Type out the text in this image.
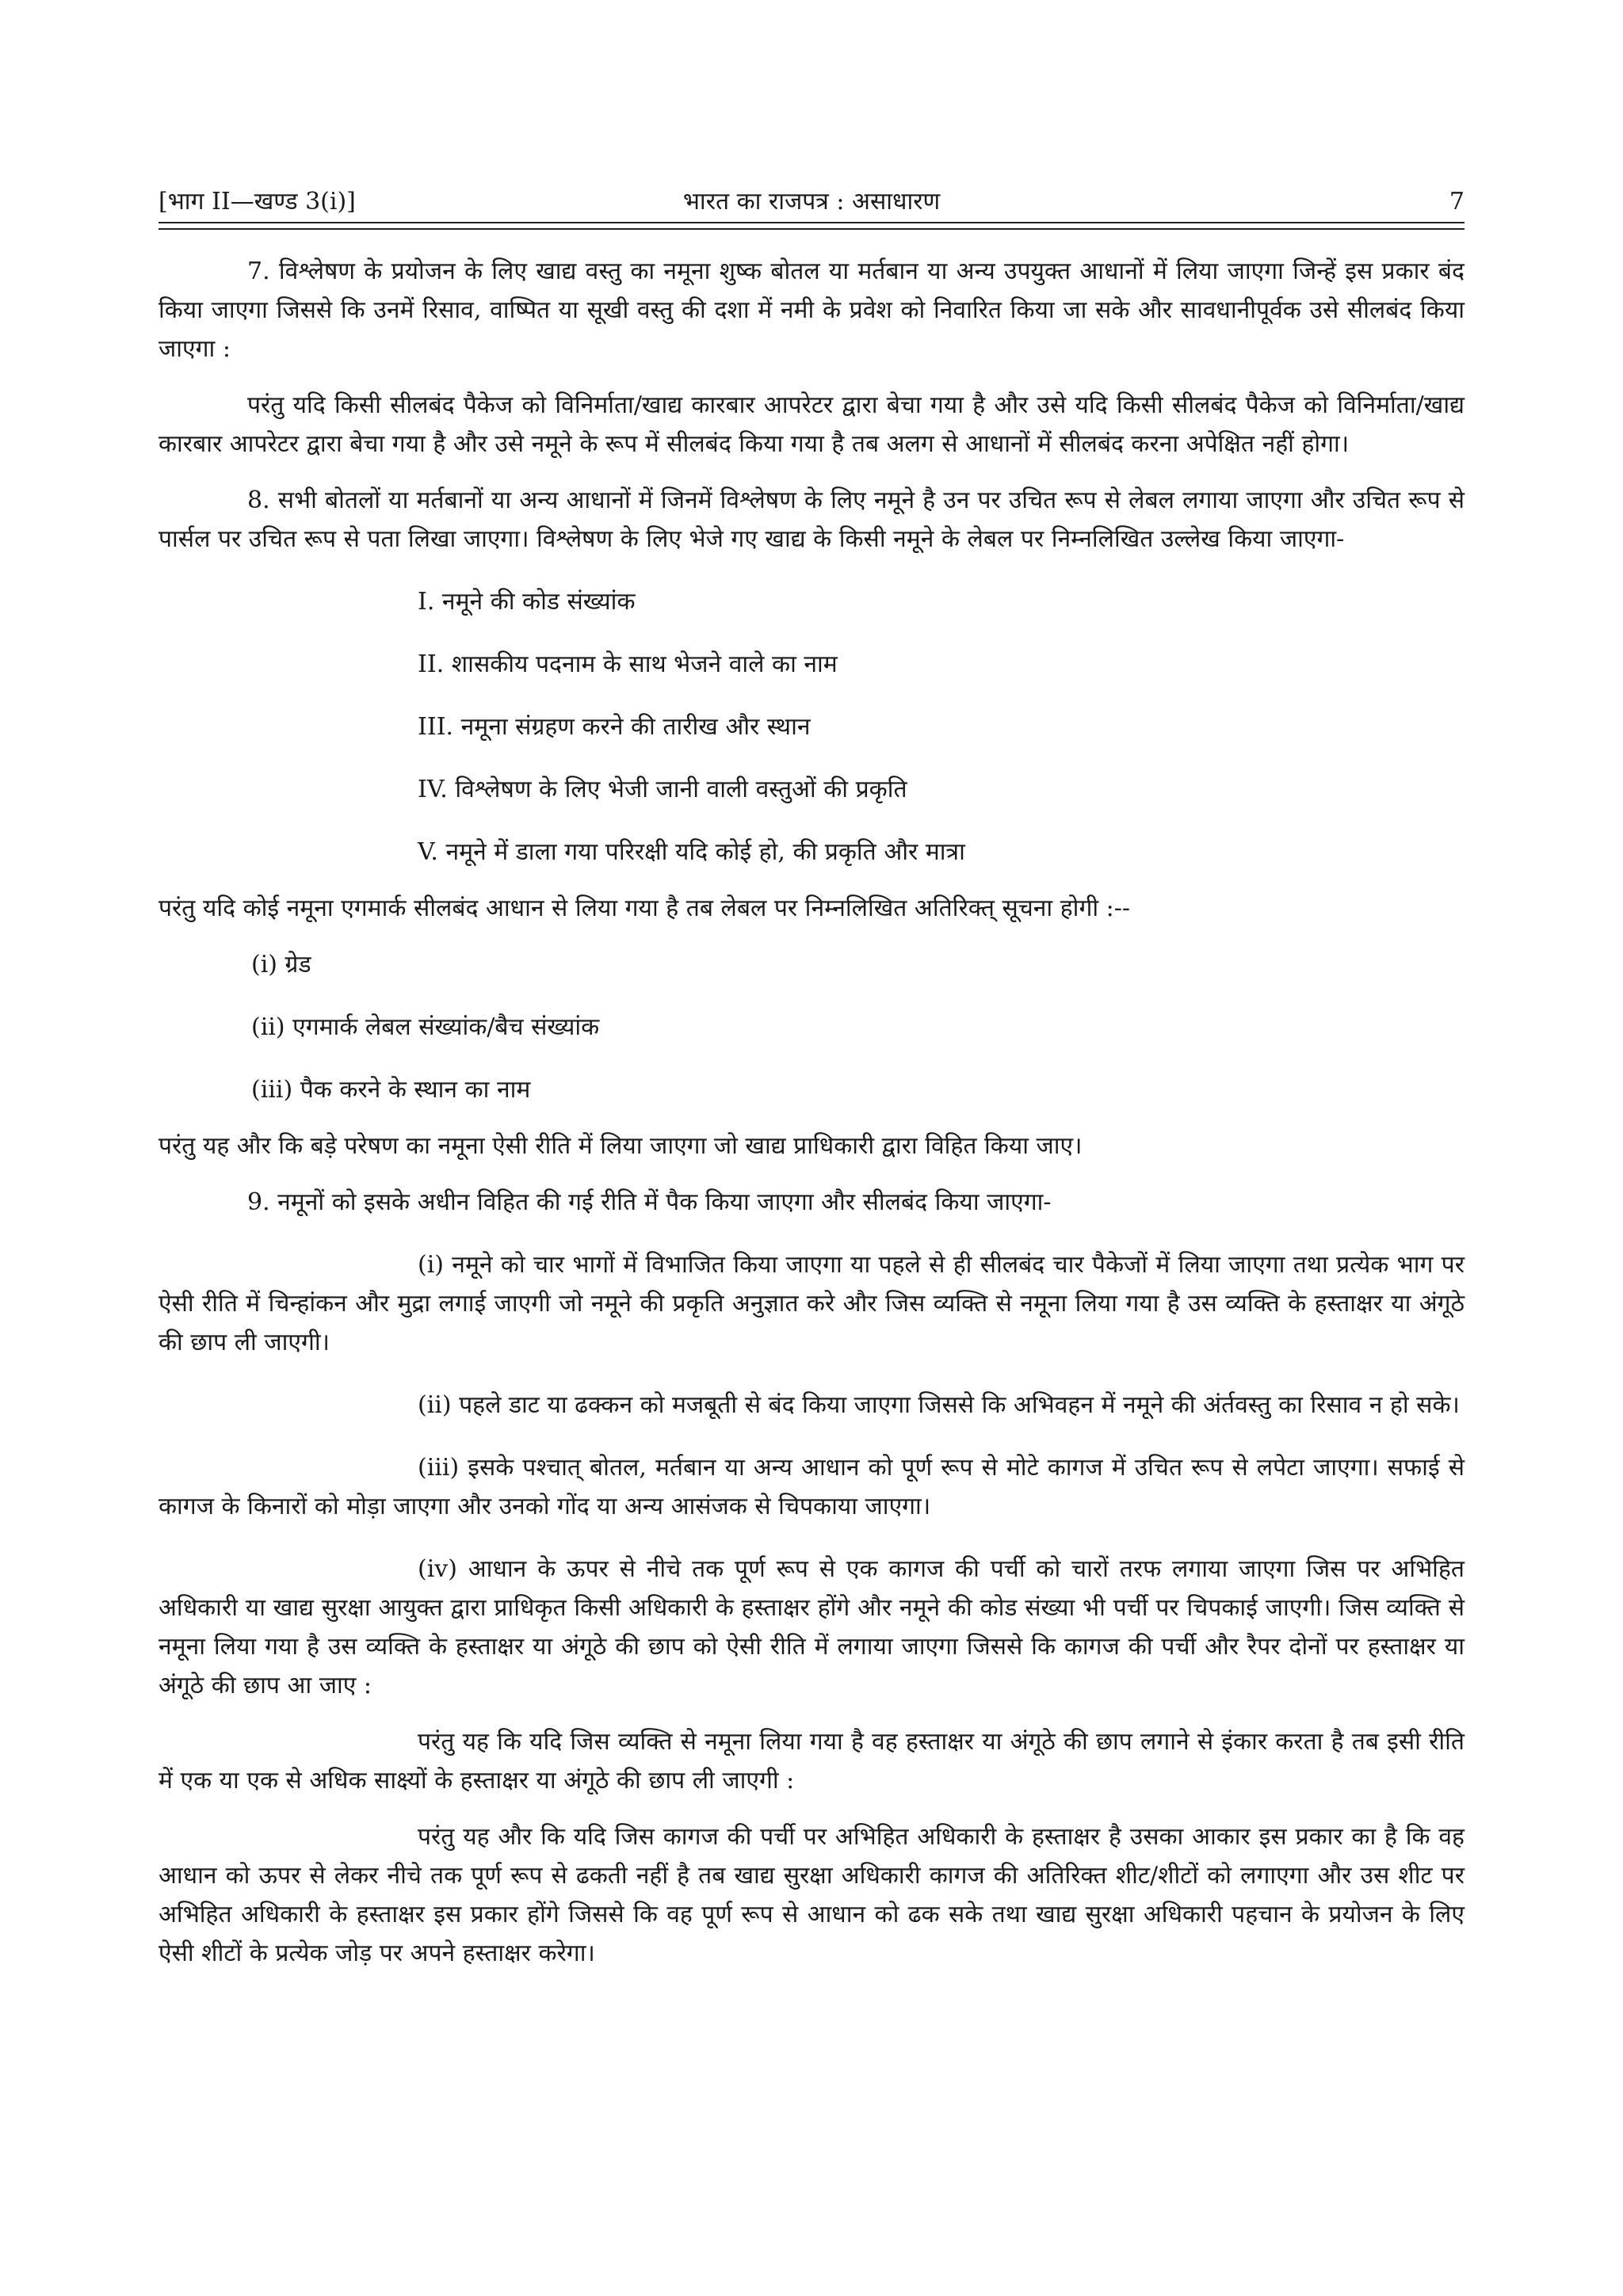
भारत का राजपत्र : असाधारण
[भाग II—खण्ड 3(i)]	7

7. विश्लेषण के प्रयोजन के लिए खाद्य वस्तु का नमूना शुष्क बोतल या मर्तबान या अन्य उपयुक्त आधानों में लिया जाएगा जिन्हें इस प्रकार बंद किया जाएगा जिससे कि उनमें रिसाव, वाष्पित या सूखी वस्तु की दशा में नमी के प्रवेश को निवारित किया जा सके और सावधानीपूर्वक उसे सीलबंद किया जाएगा :

परंतु यदि किसी सीलबंद पैकेज को विनिर्माता/खाद्य कारबार आपरेटर द्वारा बेचा गया है और उसे यदि किसी सीलबंद पैकेज को विनिर्माता/खाद्य कारबार आपरेटर द्वारा बेचा गया है और उसे नमूने के रूप में सीलबंद किया गया है तब अलग से आधानों में सीलबंद करना अपेक्षित नहीं होगा।

8. सभी बोतलों या मर्तबानों या अन्य आधानों में जिनमें विश्लेषण के लिए नमूने है उन पर उचित रूप से लेबल लगाया जाएगा और उचित रूप से पार्सल पर उचित रूप से पता लिखा जाएगा। विश्लेषण के लिए भेजे गए खाद्य के किसी नमूने के लेबल पर निम्नलिखित उल्लेख किया जाएगा-

I. नमूने की कोड संख्यांक

II. शासकीय पदनाम के साथ भेजने वाले का नाम

III. नमूना संग्रहण करने की तारीख और स्थान

IV. विश्लेषण के लिए भेजी जानी वाली वस्तुओं की प्रकृति

V. नमूने में डाला गया परिरक्षी यदि कोई हो, की प्रकृति और मात्रा

परंतु यदि कोई नमूना एगमार्क सीलबंद आधान से लिया गया है तब लेबल पर निम्नलिखित अतिरिक्त् सूचना होगी :--

(i) ग्रेड

(ii) एगमार्क लेबल संख्यांक/बैच संख्यांक

(iii) पैक करने के स्थान का नाम

परंतु यह और कि बड़े परेषण का नमूना ऐसी रीति में लिया जाएगा जो खाद्य प्राधिकारी द्वारा विहित किया जाए।

9. नमूनों को इसके अधीन विहित की गई रीति में पैक किया जाएगा और सीलबंद किया जाएगा-

(i) नमूने को चार भागों में विभाजित किया जाएगा या पहले से ही सीलबंद चार पैकेजों में लिया जाएगा तथा प्रत्येक भाग पर ऐसी रीति में चिन्हांकन और मुद्रा लगाई जाएगी जो नमूने की प्रकृति अनुज्ञात करे और जिस व्यक्ति से नमूना लिया गया है उस व्यक्ति के हस्ताक्षर या अंगूठे की छाप ली जाएगी।

(ii) पहले डाट या ढक्कन को मजबूती से बंद किया जाएगा जिससे कि अभिवहन में नमूने की अंर्तवस्तु का रिसाव न हो सके।

(iii) इसके पश्चात् बोतल, मर्तबान या अन्य आधान को पूर्ण रूप से मोटे कागज में उचित रूप से लपेटा जाएगा। सफाई से कागज के किनारों को मोड़ा जाएगा और उनको गोंद या अन्य आसंजक से चिपकाया जाएगा।

(iv) आधान के ऊपर से नीचे तक पूर्ण रूप से एक कागज की पर्ची को चारों तरफ लगाया जाएगा जिस पर अभिहित अधिकारी या खाद्य सुरक्षा आयुक्त द्वारा प्राधिकृत किसी अधिकारी के हस्ताक्षर होंगे और नमूने की कोड संख्या भी पर्ची पर चिपकाई जाएगी। जिस व्यक्ति से नमूना लिया गया है उस व्यक्ति के हस्ताक्षर या अंगूठे की छाप को ऐसी रीति में लगाया जाएगा जिससे कि कागज की पर्ची और रैपर दोनों पर हस्ताक्षर या अंगूठे की छाप आ जाए :

परंतु यह कि यदि जिस व्यक्ति से नमूना लिया गया है वह हस्ताक्षर या अंगूठे की छाप लगाने से इंकार करता है तब इसी रीति में एक या एक से अधिक साक्ष्यों के हस्ताक्षर या अंगूठे की छाप ली जाएगी :

परंतु यह और कि यदि जिस कागज की पर्ची पर अभिहित अधिकारी के हस्ताक्षर है उसका आकार इस प्रकार का है कि वह आधान को ऊपर से लेकर नीचे तक पूर्ण रूप से ढकती नहीं है तब खाद्य सुरक्षा अधिकारी कागज की अतिरिक्त शीट/शीटों को लगाएगा और उस शीट पर अभिहित अधिकारी के हस्ताक्षर इस प्रकार होंगे जिससे कि वह पूर्ण रूप से आधान को ढक सके तथा खाद्य सुरक्षा अधिकारी पहचान के प्रयोजन के लिए ऐसी शीटों के प्रत्येक जोड़ पर अपने हस्ताक्षर करेगा।
